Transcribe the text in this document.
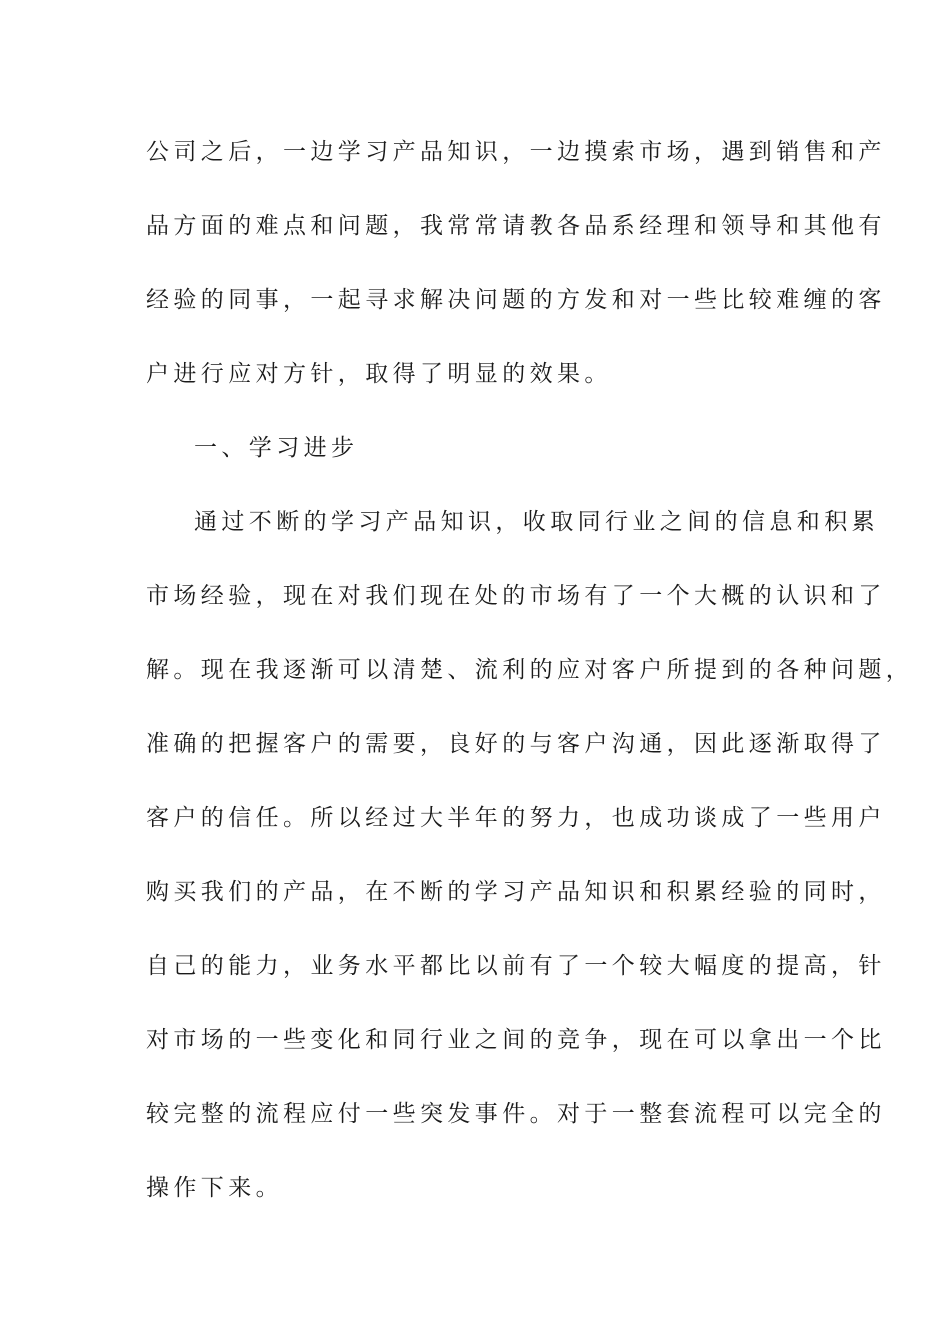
公司之后，一边学习产品知识，一边摸索市场，遇到销售和产
品方面的难点和问题，我常常请教各品系经理和领导和其他有
经验的同事，一起寻求解决问题的方发和对一些比较难缠的客
户进行应对方针，取得了明显的效果。
一、学习进步
通过不断的学习产品知识，收取同行业之间的信息和积累
市场经验，现在对我们现在处的市场有了一个大概的认识和了
解。现在我逐渐可以清楚、流利的应对客户所提到的各种问题，
准确的把握客户的需要，良好的与客户沟通，因此逐渐取得了
客户的信任。所以经过大半年的努力，也成功谈成了一些用户
购买我们的产品，在不断的学习产品知识和积累经验的同时，
自己的能力，业务水平都比以前有了一个较大幅度的提高，针
对市场的一些变化和同行业之间的竞争，现在可以拿出一个比
较完整的流程应付一些突发事件。对于一整套流程可以完全的
操作下来。
